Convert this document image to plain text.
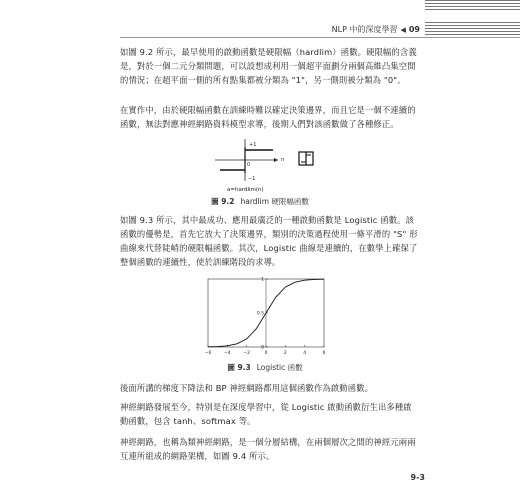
NLP 中的深度學習 ◀ 09

如圖 9.2 所示，最早使用的啟動函數是硬限幅（hardlim）函數。硬限幅的含義是，對於一個二元分類問題，可以設想成利用一個超平面劃分兩個高維凸集空間的情況；在超平面一側的所有點集都被分類為 "1"，另一側則被分類為 "0"。

在實作中，由於硬限幅函數在訓練時難以確定決策邊界，而且它是一個不連續的函數，無法對應神經網路資料模型求導，後期人們對該函數做了各種修正。

+1
0
n
−1
a=hardlim(n)
圖 9.2 hardlim 硬限幅函數

如圖 9.3 所示，其中最成功、應用最廣泛的一種啟動函數是 Logistic 函數。該函數的優勢是，首先它放大了決策邊界，類別的決策過程使用一條平滑的 "S" 形曲線來代替陡峭的硬限幅函數。其次，Logistic 曲線是連續的，在數學上確保了整個函數的連續性，使於訓練階段的求導。

−6	−4	−2	0	2	4	6
0
0.5
1
圖 9.3 Logistic 函數

後面所講的梯度下降法和 BP 神經網路都用這個函數作為啟動函數。

神經網路發展至今，特別是在深度學習中，從 Logistic 啟動函數衍生出多種啟動函數，包含 tanh、softmax 等。

神經網路，也稱為類神經網路，是一個分層結構，在兩個層次之間的神經元兩兩互連所組成的網路架構，如圖 9.4 所示。

9-3
